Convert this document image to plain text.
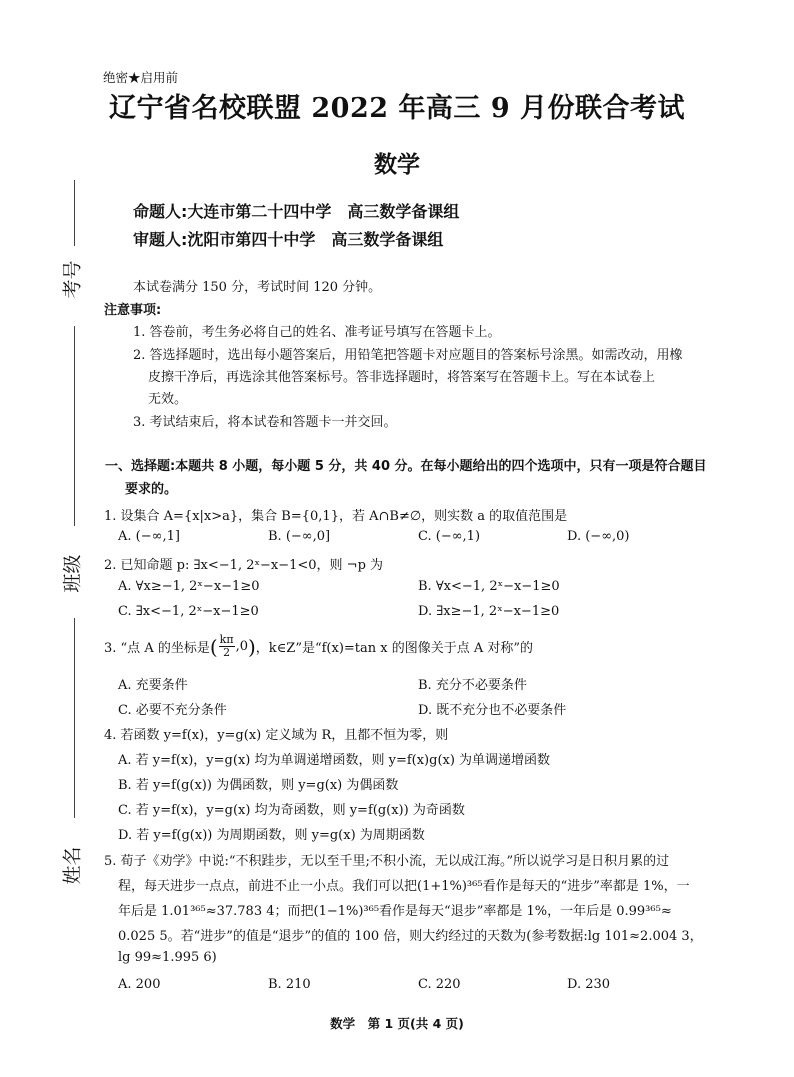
绝密★启用前
辽宁省名校联盟 2022 年高三 9 月份联合考试
数学
命题人:大连市第二十四中学　高三数学备课组
审题人:沈阳市第四十中学　高三数学备课组
考号
班级
姓名
本试卷满分 150 分，考试时间 120 分钟。
注意事项:
1. 答卷前，考生务必将自己的姓名、准考证号填写在答题卡上。
2. 答选择题时，选出每小题答案后，用铅笔把答题卡对应题目的答案标号涂黑。如需改动，用橡
皮擦干净后，再选涂其他答案标号。答非选择题时，将答案写在答题卡上。写在本试卷上
无效。
3. 考试结束后，将本试卷和答题卡一并交回。
一、选择题:本题共 8 小题，每小题 5 分，共 40 分。在每小题给出的四个选项中，只有一项是符合题目
要求的。
1. 设集合 A={x|x>a}，集合 B={0,1}，若 A∩B≠∅，则实数 a 的取值范围是
A. (−∞,1]	B. (−∞,0]	C. (−∞,1)	D. (−∞,0)
2. 已知命题 p: ∃x<−1, 2ˣ−x−1<0，则 ¬p 为
A. ∀x≥−1, 2ˣ−x−1≥0	B. ∀x<−1, 2ˣ−x−1≥0
C. ∃x<−1, 2ˣ−x−1≥0	D. ∃x≥−1, 2ˣ−x−1≥0
3. “点 A 的坐标是 ( $\frac{k\pi}{2} ,0$ ) ，k∈Z”是“f(x)=tan x 的图像关于点 A 对称”的
A. 充要条件	B. 充分不必要条件
C. 必要不充分条件	D. 既不充分也不必要条件
4. 若函数 y=f(x)，y=g(x) 定义域为 R，且都不恒为零，则
A. 若 y=f(x)，y=g(x) 均为单调递增函数，则 y=f(x)g(x) 为单调递增函数
B. 若 y=f(g(x)) 为偶函数，则 y=g(x) 为偶函数
C. 若 y=f(x)，y=g(x) 均为奇函数，则 y=f(g(x)) 为奇函数
D. 若 y=f(g(x)) 为周期函数，则 y=g(x) 为周期函数
5. 荀子《劝学》中说:“不积跬步，无以至千里;不积小流，无以成江海。”所以说学习是日积月累的过
程，每天进步一点点，前进不止一小点。我们可以把(1+1%)³⁶⁵看作是每天的“进步”率都是 1%，一
年后是 1.01³⁶⁵≈37.783 4；而把(1−1%)³⁶⁵看作是每天“退步”率都是 1%，一年后是 0.99³⁶⁵≈
0.025 5。若“进步”的值是“退步”的值的 100 倍，则大约经过的天数为(参考数据:lg 101≈2.004 3，
lg 99≈1.995 6)
A. 200	B. 210	C. 220	D. 230
数学　第 1 页(共 4 页)
